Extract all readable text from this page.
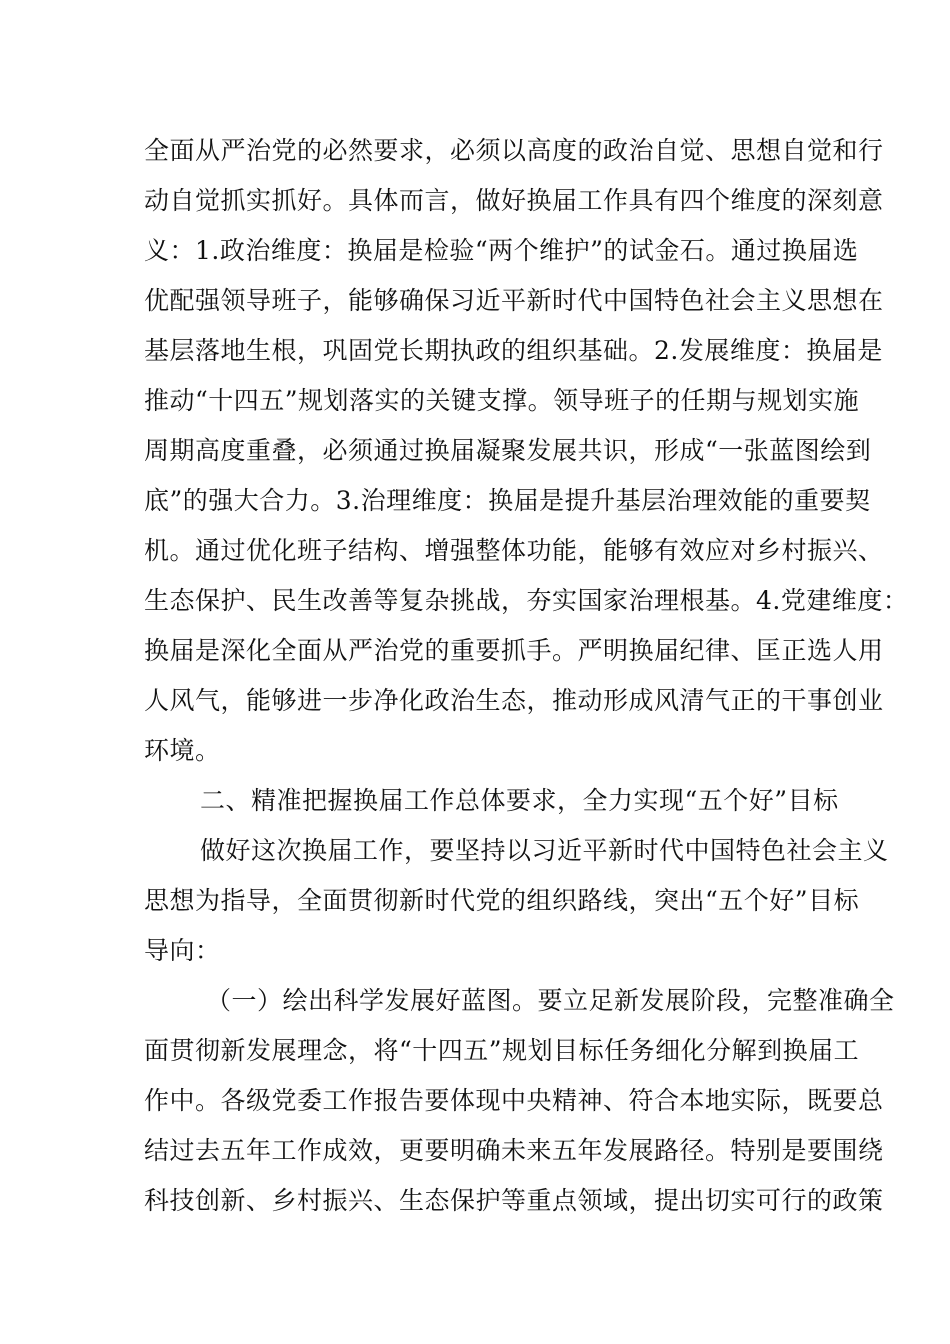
全面从严治党的必然要求，必须以高度的政治自觉、思想自觉和行
动自觉抓实抓好。具体而言，做好换届工作具有四个维度的深刻意
义：1.政治维度：换届是检验“两个维护”的试金石。通过换届选
优配强领导班子，能够确保习近平新时代中国特色社会主义思想在
基层落地生根，巩固党长期执政的组织基础。2.发展维度：换届是
推动“十四五”规划落实的关键支撑。领导班子的任期与规划实施
周期高度重叠，必须通过换届凝聚发展共识，形成“一张蓝图绘到
底”的强大合力。3.治理维度：换届是提升基层治理效能的重要契
机。通过优化班子结构、增强整体功能，能够有效应对乡村振兴、
生态保护、民生改善等复杂挑战，夯实国家治理根基。4.党建维度：
换届是深化全面从严治党的重要抓手。严明换届纪律、匡正选人用
人风气，能够进一步净化政治生态，推动形成风清气正的干事创业
环境。
二、精准把握换届工作总体要求，全力实现“五个好”目标
做好这次换届工作，要坚持以习近平新时代中国特色社会主义
思想为指导，全面贯彻新时代党的组织路线，突出“五个好”目标
导向：
（一）绘出科学发展好蓝图。要立足新发展阶段，完整准确全
面贯彻新发展理念，将“十四五”规划目标任务细化分解到换届工
作中。各级党委工作报告要体现中央精神、符合本地实际，既要总
结过去五年工作成效，更要明确未来五年发展路径。特别是要围绕
科技创新、乡村振兴、生态保护等重点领域，提出切实可行的政策
